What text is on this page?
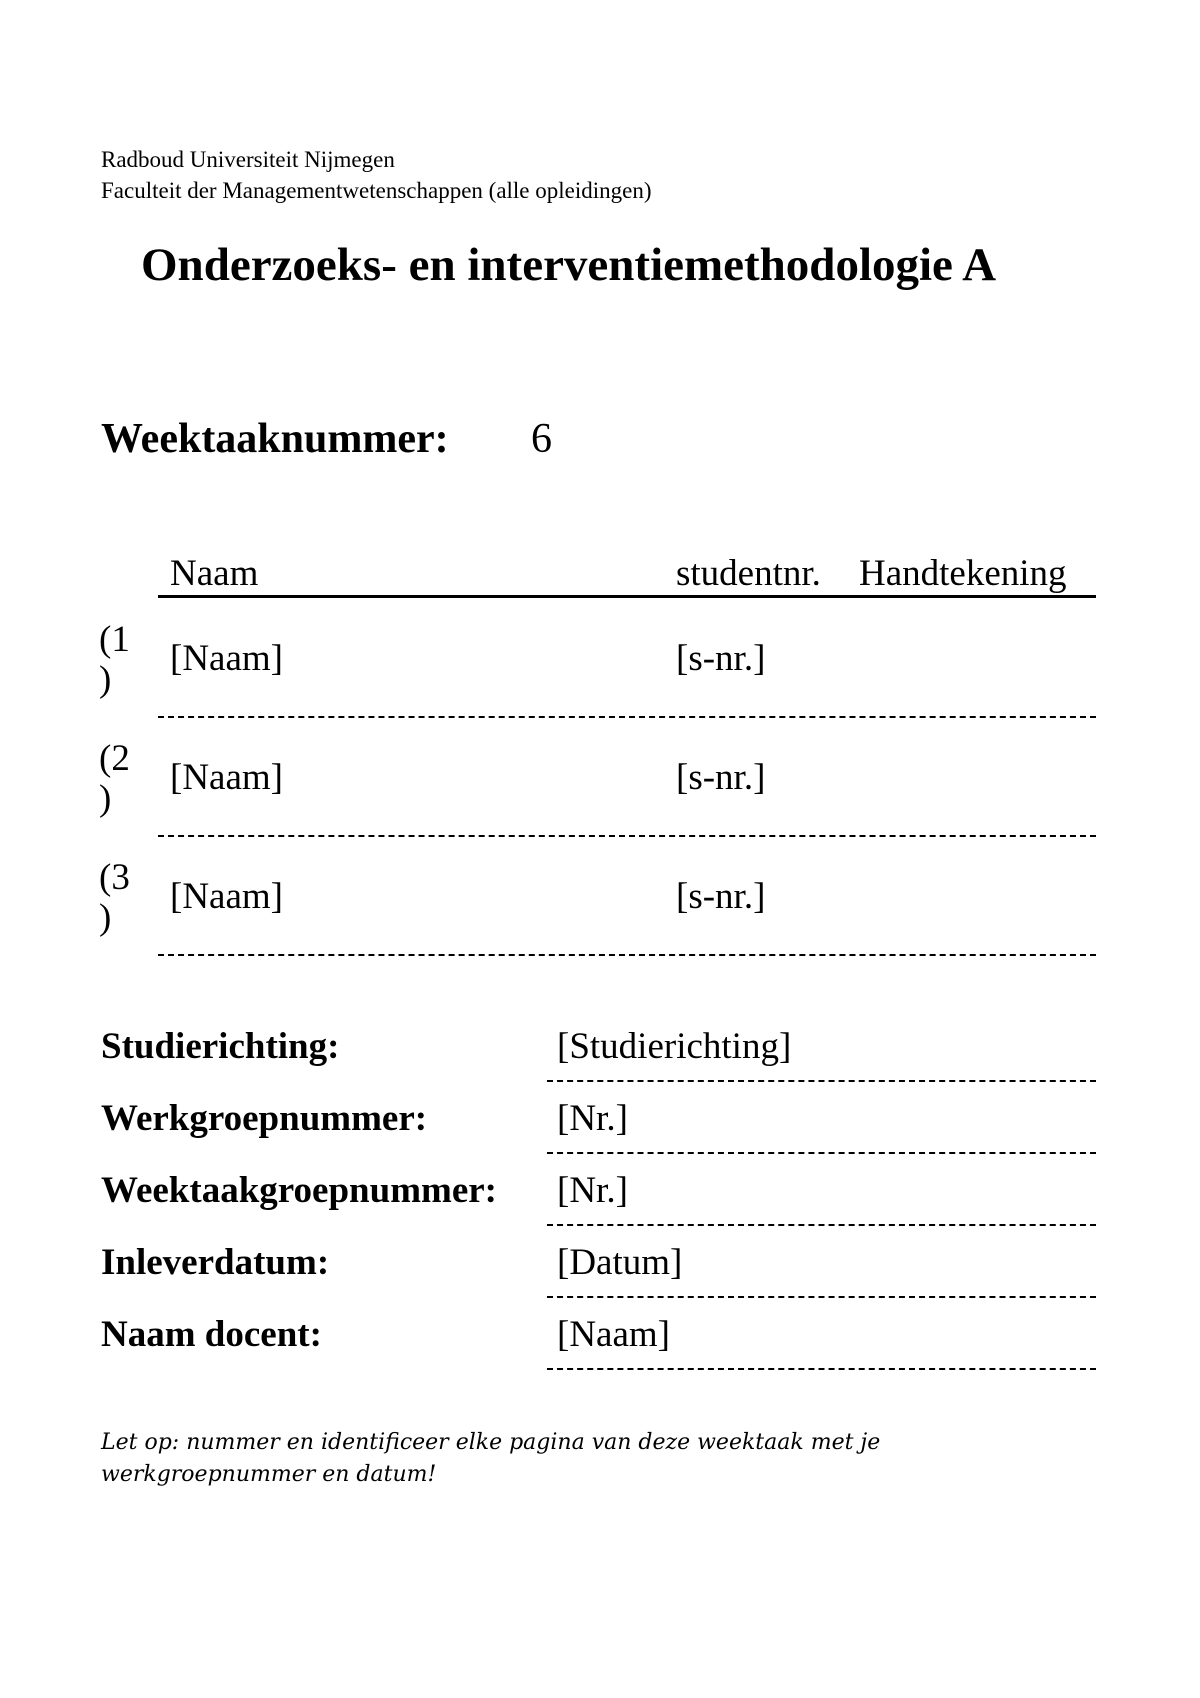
Radboud Universiteit Nijmegen
Faculteit der Managementwetenschappen (alle opleidingen)
Onderzoeks- en interventiemethodologie A
Weektaaknummer: 6
Naam	studentnr. Handtekening
(1
)
[Naam]	[s-nr.]
(2
)
[Naam]	[s-nr.]
(3
)
[Naam]	[s-nr.]
Studierichting:	[Studierichting]
Werkgroepnummer:	[Nr.]
Weektaakgroepnummer: [Nr.]
Inleverdatum:	[Datum]
Naam docent:	[Naam]
Let op: nummer en identificeer elke pagina van deze weektaak met je
werkgroepnummer en datum!
